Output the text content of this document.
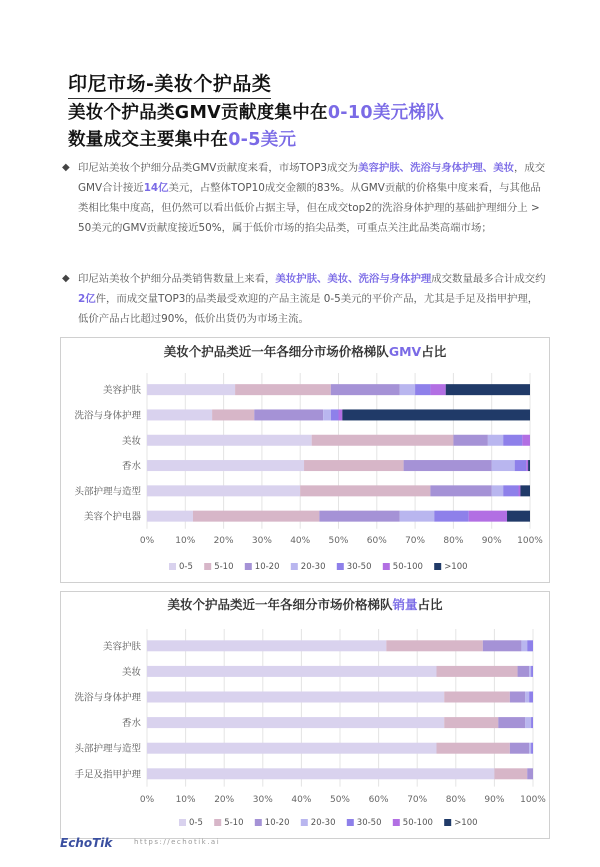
印尼市场-美妆个护品类
美妆个护品类GMV贡献度集中在0-10美元梯队
数量成交主要集中在0-5美元
◆ 印尼站美妆个护细分品类GMV贡献度来看，市场TOP3成交为美容护肤、洗浴与身体护理、美妆，成交GMV合计接近14亿美元，占整体TOP10成交金额的83%。从GMV贡献的价格集中度来看，与其他品类相比集中度高，但仍然可以看出低价占据主导，但在成交top2的洗浴身体护理的基础护理细分上 > 50美元的GMV贡献度接近50%，属于低价市场的掐尖品类，可重点关注此品类高端市场；
◆ 印尼站美妆个护细分品类销售数量上来看，美妆护肤、美妆、洗浴与身体护理成交数量最多合计成交约2亿件，而成交量TOP3的品类最受欢迎的产品主流是 0-5美元的平价产品，尤其是手足及指甲护理，低价产品占比超过90%，低价出货仍为市场主流。
美妆个护品类近一年各细分市场价格梯队GMV占比
0% 10% 20% 30% 40% 50% 60% 70% 80% 90% 100%
美容护肤
洗浴与身体护理
美妆
香水
头部护理与造型
美容个护电器
0-5	5-10	10-20	20-30	30-50	50-100	>100
美妆个护品类近一年各细分市场价格梯队销量占比
0% 10% 20% 30% 40% 50% 60% 70% 80% 90% 100%
美容护肤
美妆
洗浴与身体护理
香水
头部护理与造型
手足及指甲护理
0-5	5-10	10-20	20-30	30-50	50-100	>100
EchoTik	https://echotik.ai
